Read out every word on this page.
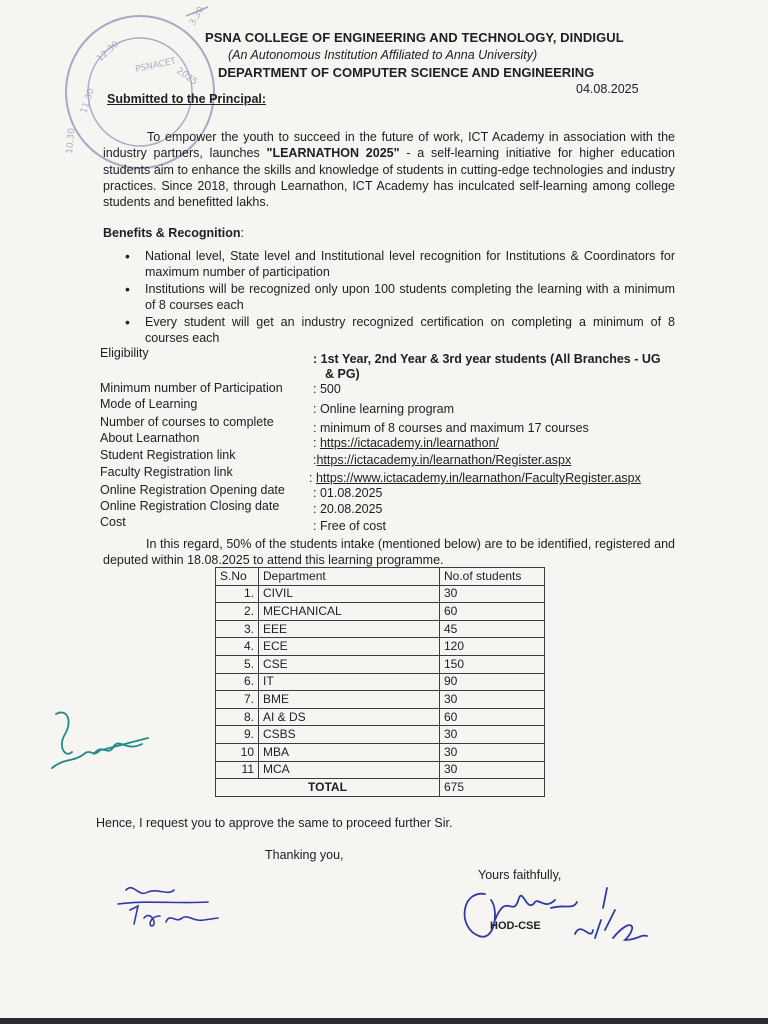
11.30
12.30
10.30
PSNACET
2025
3.30
PSNA COLLEGE OF ENGINEERING AND TECHNOLOGY, DINDIGUL
(An Autonomous Institution Affiliated to Anna University)
DEPARTMENT OF COMPUTER SCIENCE AND ENGINEERING
04.08.2025
Submitted to the Principal:
To empower the youth to succeed in the future of work, ICT Academy in association with the industry partners, launches "LEARNATHON 2025" - a self-learning initiative for higher education students aim to enhance the skills and knowledge of students in cutting-edge technologies and industry practices. Since 2018, through Learnathon, ICT Academy has inculcated self-learning among college students and benefitted lakhs.
Benefits & Recognition:
• National level, State level and Institutional level recognition for Institutions & Coordinators for maximum number of participation
• Institutions will be recognized only upon 100 students completing the learning with a minimum of 8 courses each
• Every student will get an industry recognized certification on completing a minimum of 8 courses each
Eligibility	: 1st Year, 2nd Year & 3rd year students (All Branches - UG
& PG)
Minimum number of Participation : 500
Mode of Learning	: Online learning program
Number of courses to complete	: minimum of 8 courses and maximum 17 courses
About Learnathon	: https://ictacademy.in/learnathon/
Student Registration link	:https://ictacademy.in/learnathon/Register.aspx
Faculty Registration link	: https://www.ictacademy.in/learnathon/FacultyRegister.aspx
Online Registration Opening date : 01.08.2025
Online Registration Closing date	: 20.08.2025
Cost	: Free of cost
In this regard, 50% of the students intake (mentioned below) are to be identified, registered and deputed within 18.08.2025 to attend this learning programme.
S.No	Department	No.of students
1.	CIVIL	30
2.	MECHANICAL	60
3.	EEE	45
4.	ECE	120
5.	CSE	150
6.	IT	90
7.	BME	30
8.	AI & DS	60
9.	CSBS	30
10	MBA	30
11	MCA	30
TOTAL		675
Hence, I request you to approve the same to proceed further Sir.
Thanking you,
Yours faithfully,
HOD-CSE
